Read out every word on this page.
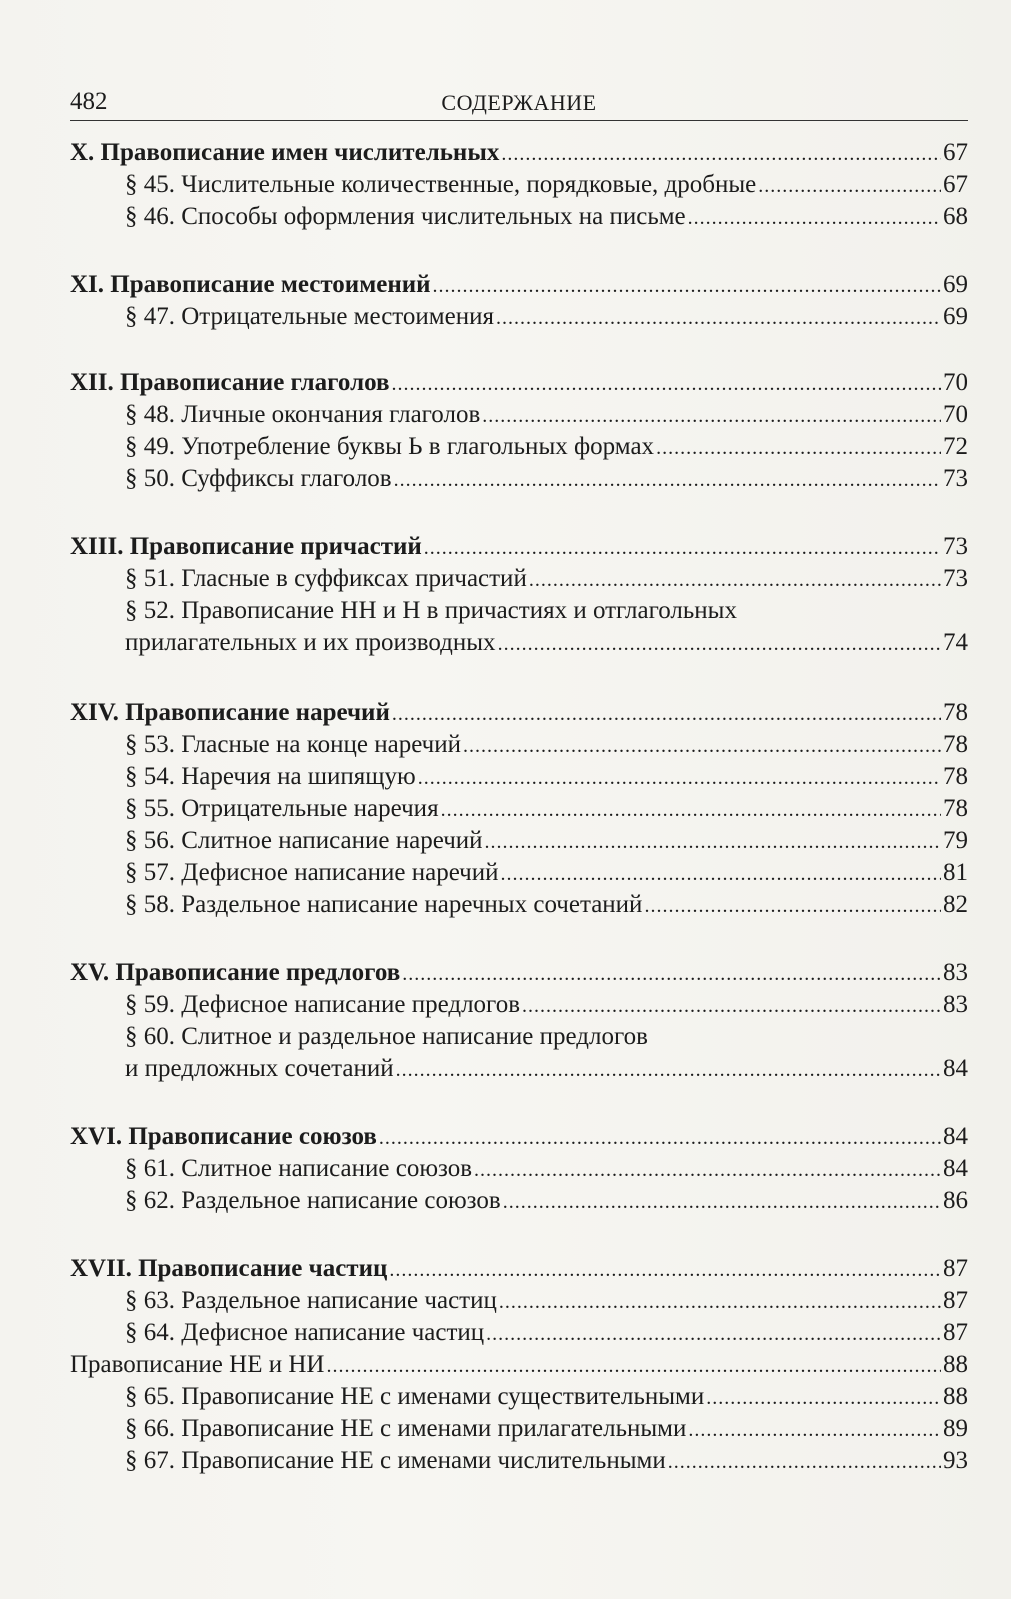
482	СОДЕРЖАНИЕ
X. Правописание имен числительных .....	67
§ 45. Числительные количественные, порядковые, дробные .....	67
§ 46. Способы оформления числительных на письме .....	68
XI. Правописание местоимений .....	69
§ 47. Отрицательные местоимения .....	69
XII. Правописание глаголов .....	70
§ 48. Личные окончания глаголов .....	70
§ 49. Употребление буквы Ь в глагольных формах .....	72
§ 50. Суффиксы глаголов .....	73
XIII. Правописание причастий .....	73
§ 51. Гласные в суффиксах причастий .....	73
§ 52. Правописание НН и Н в причастиях и отглагольных
прилагательных и их производных .....	74
XIV. Правописание наречий .....	78
§ 53. Гласные на конце наречий .....	78
§ 54. Наречия на шипящую .....	78
§ 55. Отрицательные наречия .....	78
§ 56. Слитное написание наречий .....	79
§ 57. Дефисное написание наречий .....	81
§ 58. Раздельное написание наречных сочетаний .....	82
XV. Правописание предлогов .....	83
§ 59. Дефисное написание предлогов .....	83
§ 60. Слитное и раздельное написание предлогов
и предложных сочетаний .....	84
XVI. Правописание союзов .....	84
§ 61. Слитное написание союзов .....	84
§ 62. Раздельное написание союзов .....	86
XVII. Правописание частиц .....	87
§ 63. Раздельное написание частиц .....	87
§ 64. Дефисное написание частиц .....	87
Правописание НЕ и НИ .....	88
§ 65. Правописание НЕ с именами существительными .....	88
§ 66. Правописание НЕ с именами прилагательными .....	89
§ 67. Правописание НЕ с именами числительными .....	93
